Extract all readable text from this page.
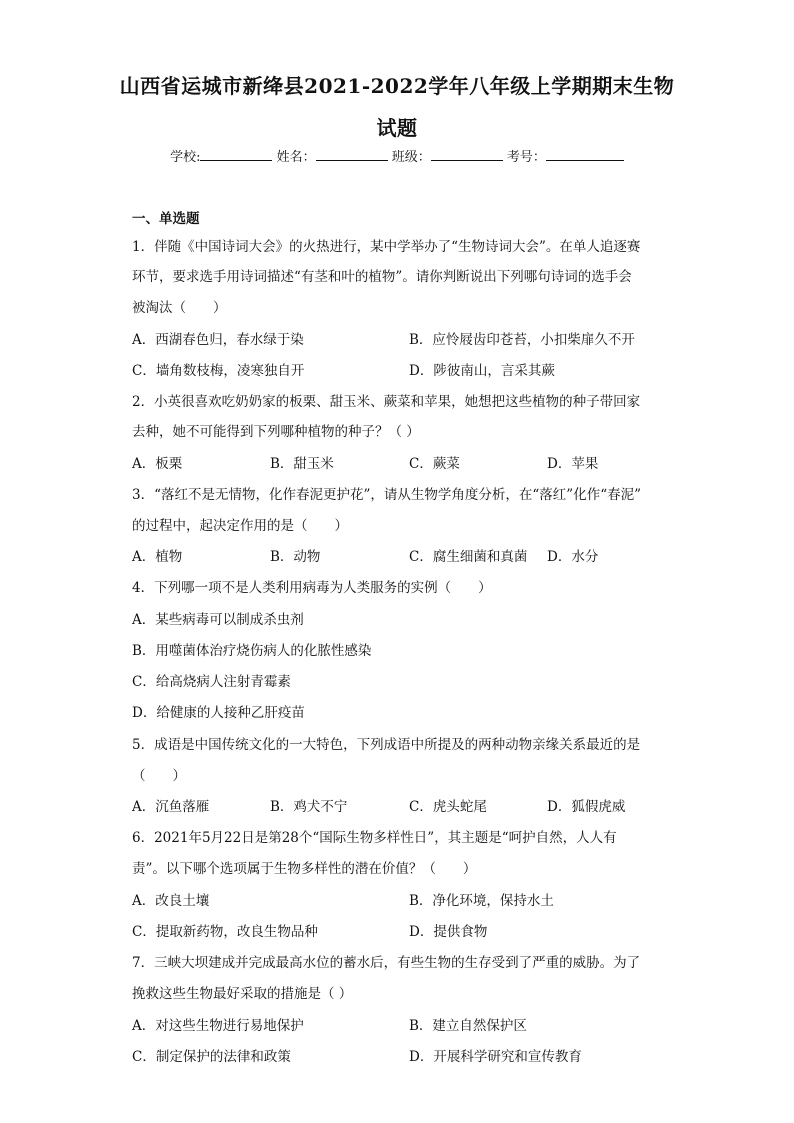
山西省运城市新绛县2021-2022学年八年级上学期期末生物
试题
学校:	姓名：	班级：	考号：
一、单选题
1．伴随《中国诗词大会》的火热进行，某中学举办了“生物诗词大会”。在单人追逐赛
环节，要求选手用诗词描述“有茎和叶的植物”。请你判断说出下列哪句诗词的选手会
被淘汰（　　）
A．西湖春色归，春水绿于染	B．应怜屐齿印苍苔，小扣柴扉久不开
C．墙角数枝梅，凌寒独自开	D．陟彼南山，言采其蕨
2．小英很喜欢吃奶奶家的板栗、甜玉米、蕨菜和苹果，她想把这些植物的种子带回家
去种，她不可能得到下列哪种植物的种子？（ ）
A．板栗	B．甜玉米	C．蕨菜	D．苹果
3．“落红不是无情物，化作春泥更护花”，请从生物学角度分析，在“落红”化作“春泥”
的过程中，起决定作用的是（　　）
A．植物	B．动物	C．腐生细菌和真菌 D．水分
4．下列哪一项不是人类利用病毒为人类服务的实例（　　）
A．某些病毒可以制成杀虫剂
B．用噬菌体治疗烧伤病人的化脓性感染
C．给高烧病人注射青霉素
D．给健康的人接种乙肝疫苗
5．成语是中国传统文化的一大特色，下列成语中所提及的两种动物亲缘关系最近的是
（　　）
A．沉鱼落雁	B．鸡犬不宁	C．虎头蛇尾	D．狐假虎威
6．2021年5月22日是第28个“国际生物多样性日”，其主题是“呵护自然，人人有
责”。以下哪个选项属于生物多样性的潜在价值？（　　）
A．改良土壤	B．净化环境，保持水土
C．提取新药物，改良生物品种	D．提供食物
7．三峡大坝建成并完成最高水位的蓄水后，有些生物的生存受到了严重的威胁。为了
挽救这些生物最好采取的措施是（ ）
A．对这些生物进行易地保护	B．建立自然保护区
C．制定保护的法律和政策	D．开展科学研究和宣传教育
